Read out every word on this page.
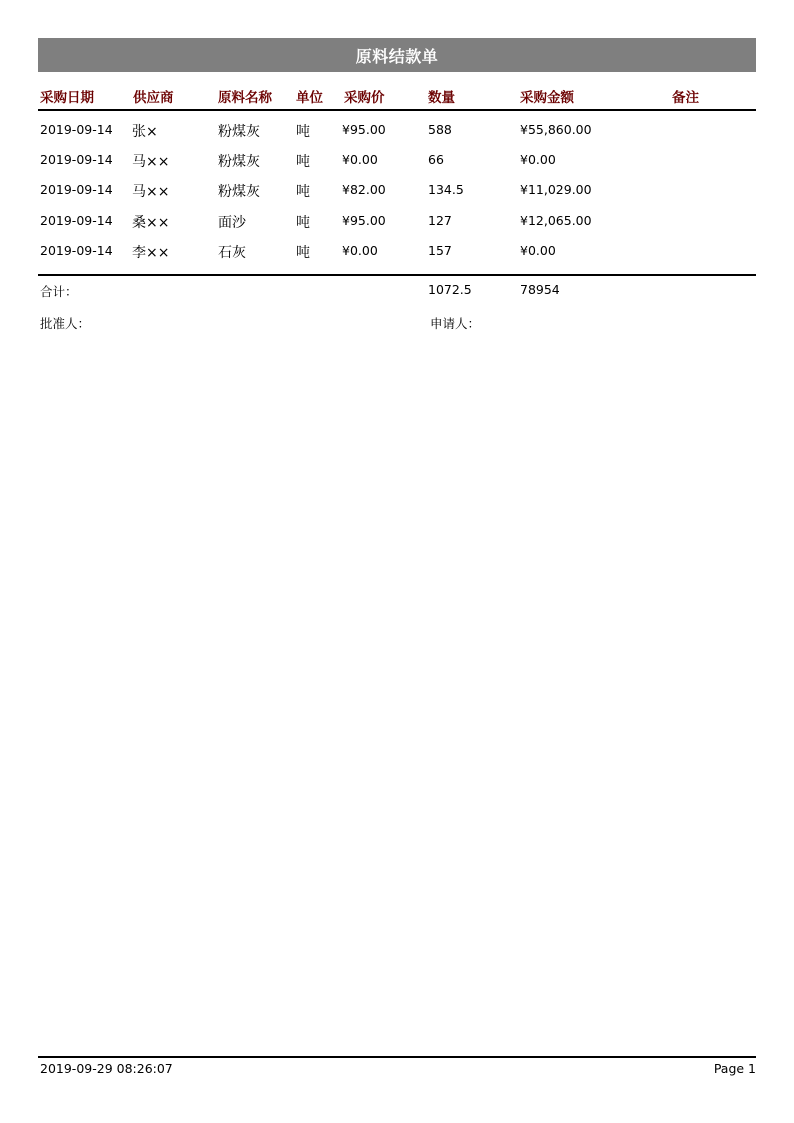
原料结款单
采购日期	供应商	原料名称 单位 采购价	数量	采购金额	备注
2019-09-14 张×	粉煤灰	吨	¥95.00	588	¥55,860.00
2019-09-14 马××	粉煤灰	吨	¥0.00	66	¥0.00
2019-09-14 马××	粉煤灰	吨	¥82.00	134.5	¥11,029.00
2019-09-14 桑××	面沙	吨	¥95.00	127	¥12,065.00
2019-09-14 李××	石灰	吨	¥0.00	157	¥0.00
合计：	1072.5	78954
批准人：	申请人：
2019-09-29 08:26:07	Page 1
